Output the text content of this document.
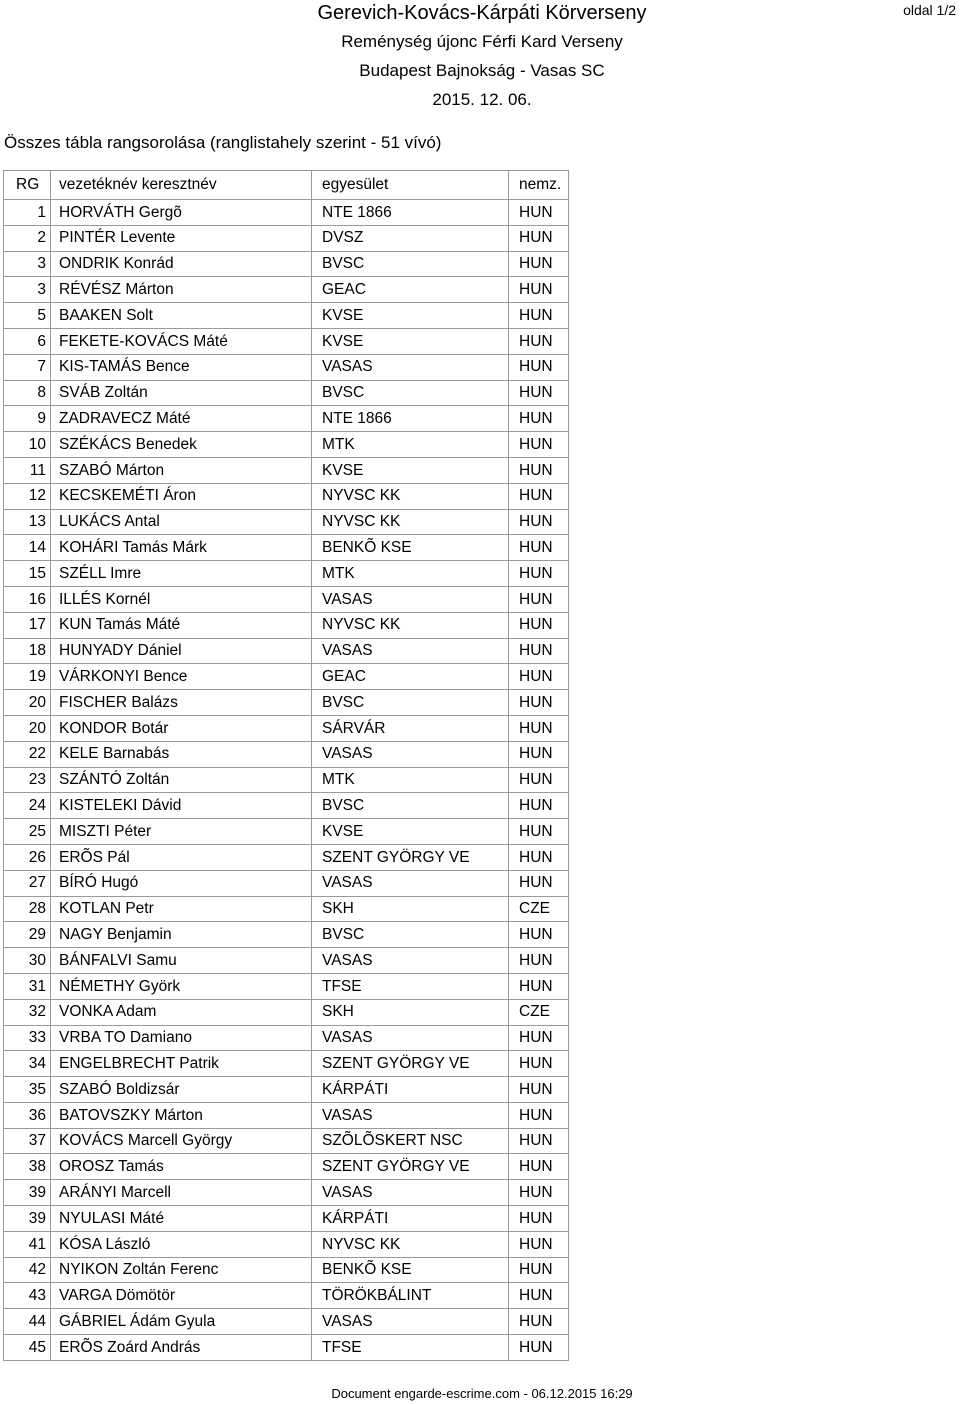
Gerevich-Kovács-Kárpáti Körverseny
Reménység újonc Férfi Kard Verseny
Budapest Bajnokság - Vasas SC
2015. 12. 06.
oldal 1/2
Összes tábla rangsorolása (ranglistahely szerint - 51 vívó)
RG	vezetéknév keresztnév	egyesület	nemz.
1	HORVÁTH Gergõ	NTE 1866	HUN
2	PINTÉR Levente	DVSZ	HUN
3	ONDRIK Konrád	BVSC	HUN
3	RÉVÉSZ Márton	GEAC	HUN
5	BAAKEN Solt	KVSE	HUN
6	FEKETE-KOVÁCS Máté	KVSE	HUN
7	KIS-TAMÁS Bence	VASAS	HUN
8	SVÁB Zoltán	BVSC	HUN
9	ZADRAVECZ Máté	NTE 1866	HUN
10	SZÉKÁCS Benedek	MTK	HUN
11	SZABÓ Márton	KVSE	HUN
12	KECSKEMÉTI Áron	NYVSC KK	HUN
13	LUKÁCS Antal	NYVSC KK	HUN
14	KOHÁRI Tamás Márk	BENKÕ KSE	HUN
15	SZÉLL Imre	MTK	HUN
16	ILLÉS Kornél	VASAS	HUN
17	KUN Tamás Máté	NYVSC KK	HUN
18	HUNYADY Dániel	VASAS	HUN
19	VÁRKONYI Bence	GEAC	HUN
20	FISCHER Balázs	BVSC	HUN
20	KONDOR Botár	SÁRVÁR	HUN
22	KELE Barnabás	VASAS	HUN
23	SZÁNTÓ Zoltán	MTK	HUN
24	KISTELEKI Dávid	BVSC	HUN
25	MISZTI Péter	KVSE	HUN
26	ERÕS Pál	SZENT GYÖRGY VE	HUN
27	BÍRÓ Hugó	VASAS	HUN
28	KOTLAN Petr	SKH	CZE
29	NAGY Benjamin	BVSC	HUN
30	BÁNFALVI Samu	VASAS	HUN
31	NÉMETHY Györk	TFSE	HUN
32	VONKA Adam	SKH	CZE
33	VRBA TO Damiano	VASAS	HUN
34	ENGELBRECHT Patrik	SZENT GYÖRGY VE	HUN
35	SZABÓ Boldizsár	KÁRPÁTI	HUN
36	BATOVSZKY Márton	VASAS	HUN
37	KOVÁCS Marcell György	SZÕLÕSKERT NSC	HUN
38	OROSZ Tamás	SZENT GYÖRGY VE	HUN
39	ARÁNYI Marcell	VASAS	HUN
39	NYULASI Máté	KÁRPÁTI	HUN
41	KÓSA László	NYVSC KK	HUN
42	NYIKON Zoltán Ferenc	BENKÕ KSE	HUN
43	VARGA Dömötör	TÖRÖKBÁLINT	HUN
44	GÁBRIEL Ádám Gyula	VASAS	HUN
45	ERÕS Zoárd András	TFSE	HUN
Document engarde-escrime.com - 06.12.2015 16:29
